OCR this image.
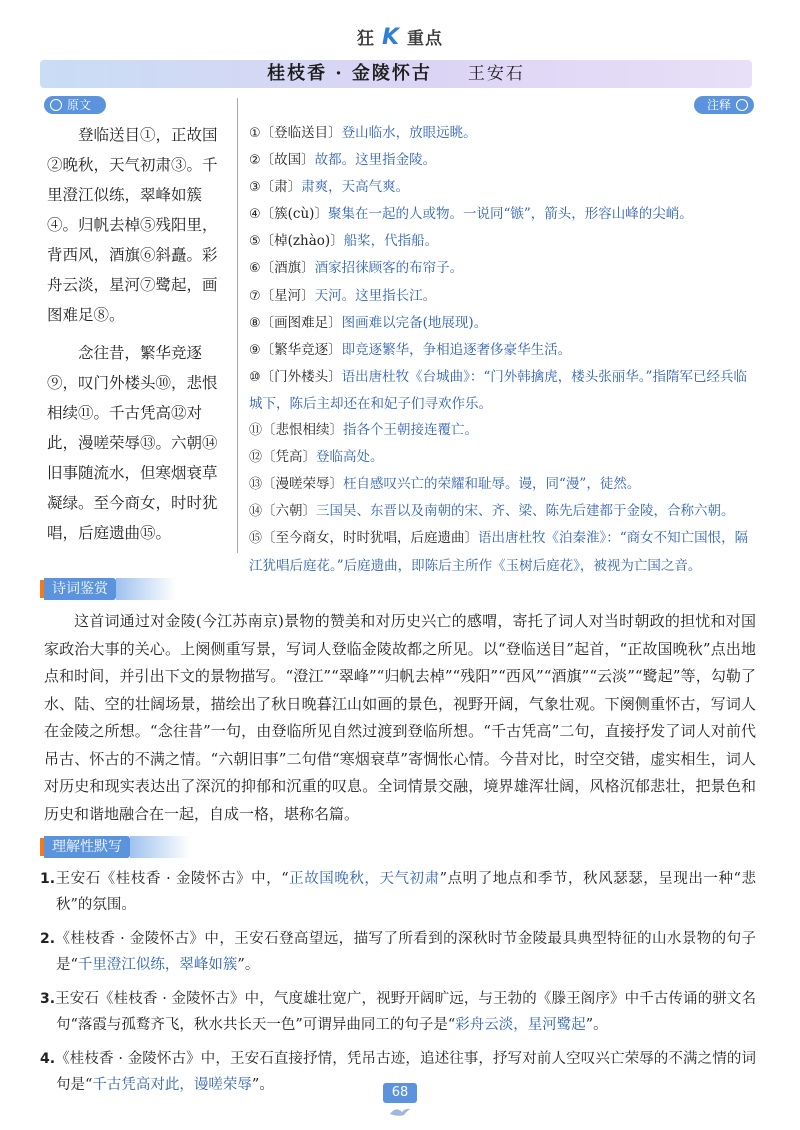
狂 K 重点
桂枝香 · 金陵怀古 王安石
原文	注释
登临送目①，正故国②晚秋，天气初肃③。千里澄江似练，翠峰如簇④。归帆去棹⑤残阳里，背西风，酒旗⑥斜矗。彩舟云淡，星河⑦鹭起，画图难足⑧。
念往昔，繁华竞逐⑨，叹门外楼头⑩，悲恨相续⑪。千古凭高⑫对此，漫嗟荣辱⑬。六朝⑭旧事随流水，但寒烟衰草凝绿。至今商女，时时犹唱，后庭遗曲⑮。
①〔登临送目〕登山临水，放眼远眺。
②〔故国〕故都。这里指金陵。
③〔肃〕肃爽，天高气爽。
④〔簇(cù)〕聚集在一起的人或物。一说同“镞”，箭头，形容山峰的尖峭。
⑤〔棹(zhào)〕船桨，代指船。
⑥〔酒旗〕酒家招徕顾客的布帘子。
⑦〔星河〕天河。这里指长江。
⑧〔画图难足〕图画难以完备(地展现)。
⑨〔繁华竞逐〕即竞逐繁华，争相追逐奢侈豪华生活。
⑩〔门外楼头〕语出唐杜牧《台城曲》：“门外韩擒虎，楼头张丽华。”指隋军已经兵临城下，陈后主却还在和妃子们寻欢作乐。
⑪〔悲恨相续〕指各个王朝接连覆亡。
⑫〔凭高〕登临高处。
⑬〔漫嗟荣辱〕枉自感叹兴亡的荣耀和耻辱。谩，同“漫”，徒然。
⑭〔六朝〕三国吴、东晋以及南朝的宋、齐、梁、陈先后建都于金陵，合称六朝。
⑮〔至今商女，时时犹唱，后庭遗曲〕语出唐杜牧《泊秦淮》：“商女不知亡国恨，隔江犹唱后庭花。”后庭遗曲，即陈后主所作《玉树后庭花》，被视为亡国之音。
诗词鉴赏
这首词通过对金陵(今江苏南京)景物的赞美和对历史兴亡的感喟，寄托了词人对当时朝政的担忧和对国家政治大事的关心。上阕侧重写景，写词人登临金陵故都之所见。以“登临送目”起首，“正故国晚秋”点出地点和时间，并引出下文的景物描写。“澄江”“翠峰”“归帆去棹”“残阳”“西风”“酒旗”“云淡”“鹭起”等，勾勒了水、陆、空的壮阔场景，描绘出了秋日晚暮江山如画的景色，视野开阔，气象壮观。下阕侧重怀古，写词人在金陵之所想。“念往昔”一句，由登临所见自然过渡到登临所想。“千古凭高”二句，直接抒发了词人对前代吊古、怀古的不满之情。“六朝旧事”二句借“寒烟衰草”寄惆怅心情。今昔对比，时空交错，虚实相生，词人对历史和现实表达出了深沉的抑郁和沉重的叹息。全词情景交融，境界雄浑壮阔，风格沉郁悲壮，把景色和历史和谐地融合在一起，自成一格，堪称名篇。
理解性默写
1.王安石《桂枝香 · 金陵怀古》中，“正故国晚秋，天气初肃”点明了地点和季节，秋风瑟瑟，呈现出一种“悲秋”的氛围。
2.《桂枝香 · 金陵怀古》中，王安石登高望远，描写了所看到的深秋时节金陵最具典型特征的山水景物的句子是“千里澄江似练，翠峰如簇”。
3.王安石《桂枝香 · 金陵怀古》中，气度雄壮宽广，视野开阔旷远，与王勃的《滕王阁序》中千古传诵的骈文名句“落霞与孤鹜齐飞，秋水共长天一色”可谓异曲同工的句子是“彩舟云淡，星河鹭起”。
4.《桂枝香 · 金陵怀古》中，王安石直接抒情，凭吊古迹，追述往事，抒写对前人空叹兴亡荣辱的不满之情的词句是“千古凭高对此，谩嗟荣辱”。	68
